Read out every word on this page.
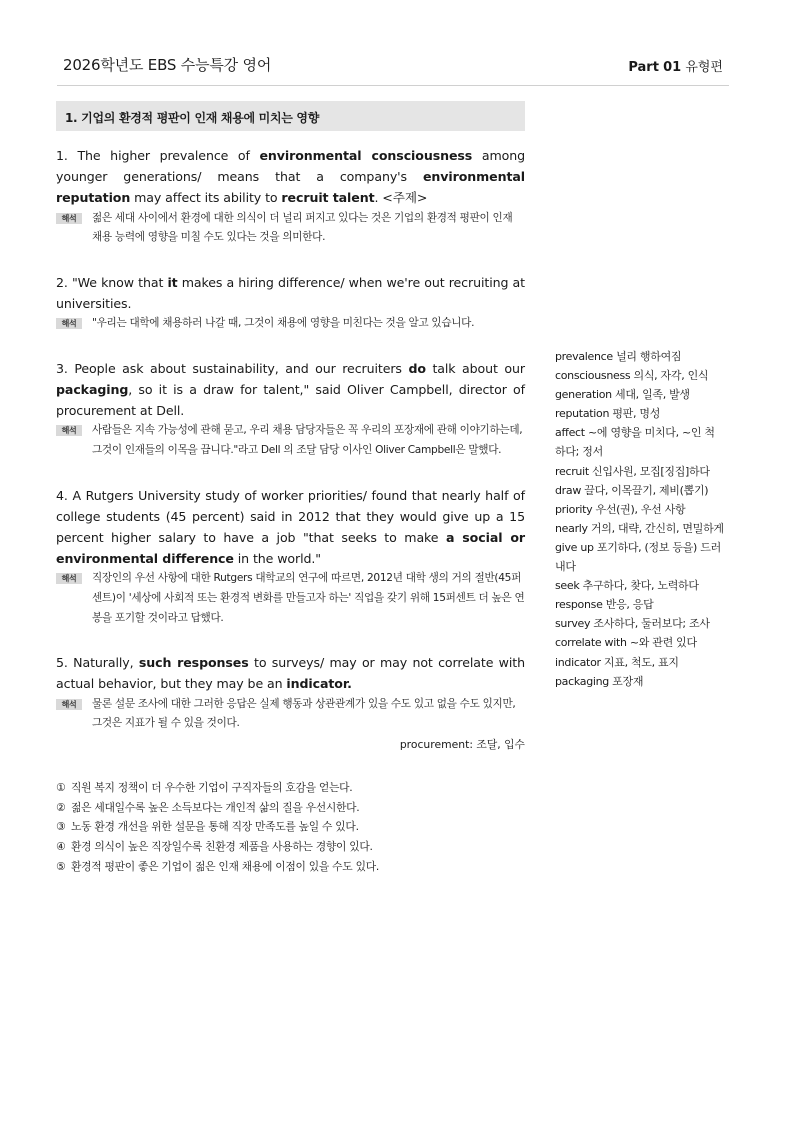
2026학년도 EBS 수능특강 영어	Part 01 유형편
1. 기업의 환경적 평판이 인재 채용에 미치는 영향
1. The higher prevalence of environmental consciousness among younger generations/ means that a company's environmental reputation may affect its ability to recruit talent. <주제>
해석	젊은 세대 사이에서 환경에 대한 의식이 더 널리 퍼지고 있다는 것은 기업의 환경적 평판이 인재 채용 능력에 영향을 미칠 수도 있다는 것을 의미한다.
2. "We know that it makes a hiring difference/ when we're out recruiting at universities.
해석	"우리는 대학에 채용하러 나갈 때, 그것이 채용에 영향을 미친다는 것을 알고 있습니다.
3. People ask about sustainability, and our recruiters do talk about our packaging, so it is a draw for talent," said Oliver Campbell, director of procurement at Dell.
해석	사람들은 지속 가능성에 관해 묻고, 우리 채용 담당자들은 꼭 우리의 포장재에 관해 이야기하는데, 그것이 인재들의 이목을 끕니다."라고 Dell 의 조달 담당 이사인 Oliver Campbell은 말했다.
4. A Rutgers University study of worker priorities/ found that nearly half of college students (45 percent) said in 2012 that they would give up a 15 percent higher salary to have a job "that seeks to make a social or environmental difference in the world."
해석	직장인의 우선 사항에 대한 Rutgers 대학교의 연구에 따르면, 2012년 대학 생의 거의 절반(45퍼센트)이 '세상에 사회적 또는 환경적 변화를 만들고자 하는' 직업을 갖기 위해 15퍼센트 더 높은 연봉을 포기할 것이라고 답했다.
5. Naturally, such responses to surveys/ may or may not correlate with actual behavior, but they may be an indicator.
해석	물론 설문 조사에 대한 그러한 응답은 실제 행동과 상관관계가 있을 수도 있고 없을 수도 있지만, 그것은 지표가 될 수 있을 것이다.
procurement: 조달, 입수
① 직원 복지 정책이 더 우수한 기업이 구직자들의 호감을 얻는다.
② 젊은 세대일수록 높은 소득보다는 개인적 삶의 질을 우선시한다.
③ 노동 환경 개선을 위한 설문을 통해 직장 만족도를 높일 수 있다.
④ 환경 의식이 높은 직장일수록 친환경 제품을 사용하는 경향이 있다.
⑤ 환경적 평판이 좋은 기업이 젊은 인재 채용에 이점이 있을 수도 있다.
prevalence 널리 행하여짐
consciousness 의식, 자각, 인식
generation 세대, 일족, 발생
reputation 평판, 명성
affect ~에 영향을 미치다, ~인 척
하다; 정서
recruit 신입사원, 모집[징집]하다
draw 끌다, 이목끌기, 제비(뽑기)
priority 우선(권), 우선 사항
nearly 거의, 대략, 간신히, 면밀하게
give up 포기하다, (정보 등을) 드러
내다
seek 추구하다, 찾다, 노력하다
response 반응, 응답
survey 조사하다, 둘러보다; 조사
correlate with ~와 관련 있다
indicator 지표, 척도, 표지
packaging 포장재
